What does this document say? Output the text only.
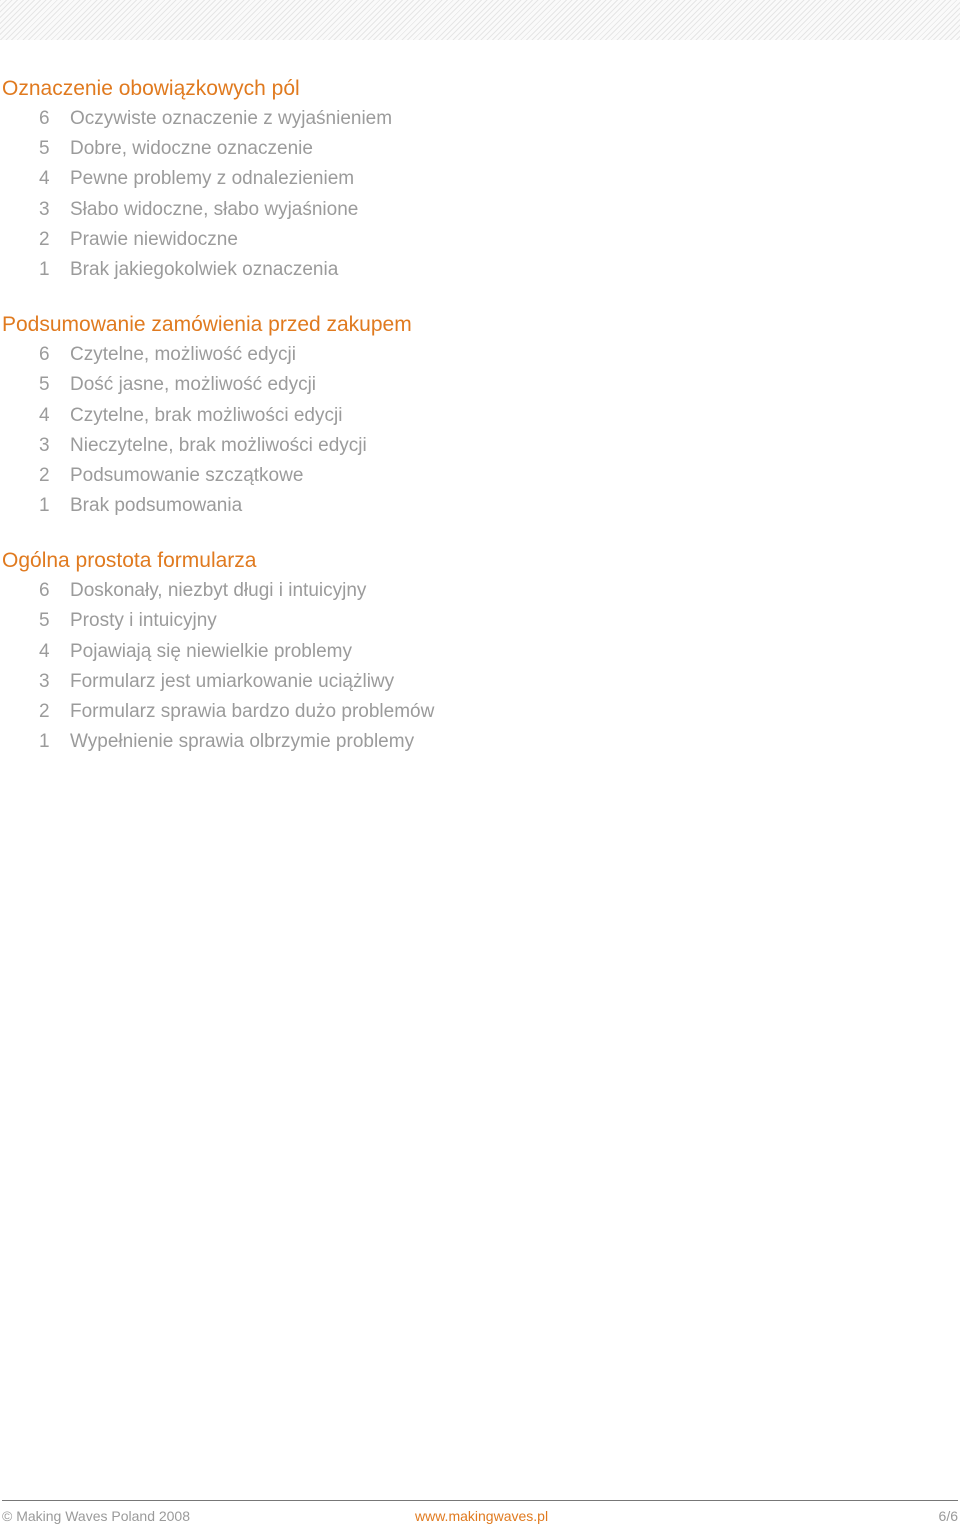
Oznaczenie obowiązkowych pól
6	Oczywiste oznaczenie z wyjaśnieniem
5	Dobre, widoczne oznaczenie
4	Pewne problemy z odnalezieniem
3	Słabo widoczne, słabo wyjaśnione
2	Prawie niewidoczne
1	Brak jakiegokolwiek oznaczenia
Podsumowanie zamówienia przed zakupem
6	Czytelne, możliwość edycji
5	Dość jasne, możliwość edycji
4	Czytelne, brak możliwości edycji
3	Nieczytelne, brak możliwości edycji
2	Podsumowanie szczątkowe
1	Brak podsumowania
Ogólna prostota formularza
6	Doskonały, niezbyt długi i intuicyjny
5	Prosty i intuicyjny
4	Pojawiają się niewielkie problemy
3	Formularz jest umiarkowanie uciążliwy
2	Formularz sprawia bardzo dużo problemów
1	Wypełnienie sprawia olbrzymie problemy
© Making Waves Poland 2008	www.makingwaves.pl	6/6
